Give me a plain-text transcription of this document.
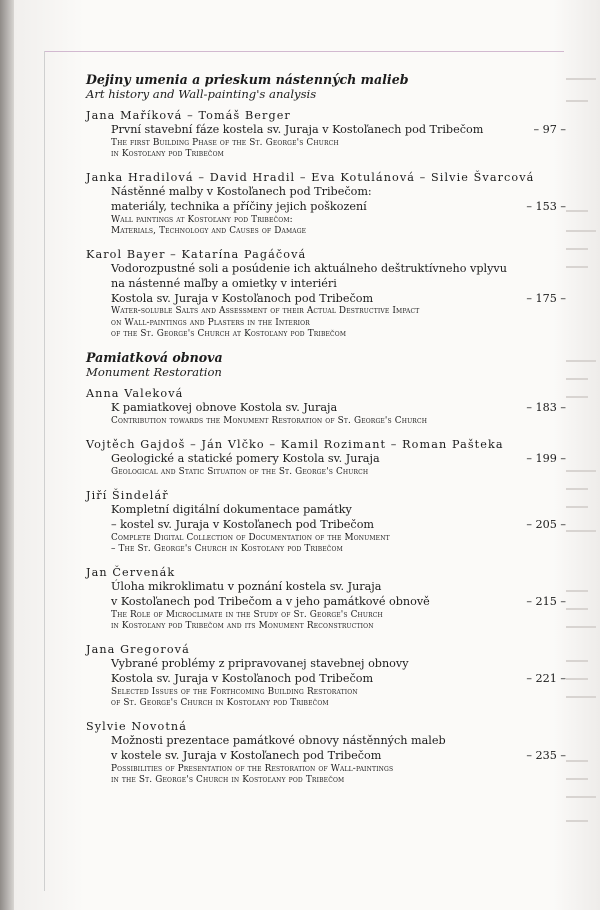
Dejiny umenia a prieskum nástenných malieb
Art history and Wall-painting's analysis
Jana Maříková – Tomáš Berger
První stavební fáze kostela sv. Juraja v Kostoľanech pod Tribečom	– 97 –
The first Building Phase of the St. George's Church
in Kostoľany pod Tribečom
Janka Hradilová – David Hradil – Eva Kotulánová – Silvie Švarcová
Nástěnné malby v Kostoľanech pod Tribečom:
materiály, technika a příčiny jejich poškození	– 153 –
Wall paintings at Kostoľany pod Tribečom:
Materials, Technology and Causes of Damage
Karol Bayer – Katarína Pagáčová
Vodorozpustné soli a posúdenie ich aktuálneho deštruktívneho vplyvu
na nástenné maľby a omietky v interiéri
Kostola sv. Juraja v Kostoľanoch pod Tribečom	– 175 –
Water-soluble Salts and Assessment of their Actual Destructive Impact
on Wall-paintings and Plasters in the Interior
of the St. George's Church at Kostoľany pod Tribečom
Pamiatková obnova
Monument Restoration
Anna Valeková
K pamiatkovej obnove Kostola sv. Juraja	– 183 –
Contribution towards the Monument Restoration of St. George's Church
Vojtěch Gajdoš – Ján Vlčko – Kamil Rozimant – Roman Pašteka
Geologické a statické pomery Kostola sv. Juraja	– 199 –
Geological and Static Situation of the St. George's Church
Jiří Šindelář
Kompletní digitální dokumentace památky
– kostel sv. Juraja v Kostoľanech pod Tribečom	– 205 –
Complete Digital Collection of Documentation of the Monument
– The St. George's Church in Kostoľany pod Tribečom
Jan Červenák
Úloha mikroklimatu v poznání kostela sv. Juraja
v Kostoľanech pod Tribečom a v jeho památkové obnově	– 215 –
The Role of Microclimate in the Study of St. George's Church
in Kostoľany pod Tribečom and its Monument Reconstruction
Jana Gregorová
Vybrané problémy z pripravovanej stavebnej obnovy
Kostola sv. Juraja v Kostoľanoch pod Tribečom	– 221 –
Selected Issues of the Forthcoming Building Restoration
of St. George's Church in Kostoľany pod Tribečom
Sylvie Novotná
Možnosti prezentace památkové obnovy nástěnných maleb
v kostele sv. Juraja v Kostoľanech pod Tribečom	– 235 –
Possibilities of Presentation of the Restoration of Wall-paintings
in the St. George's Church in Kostoľany pod Tribečom
